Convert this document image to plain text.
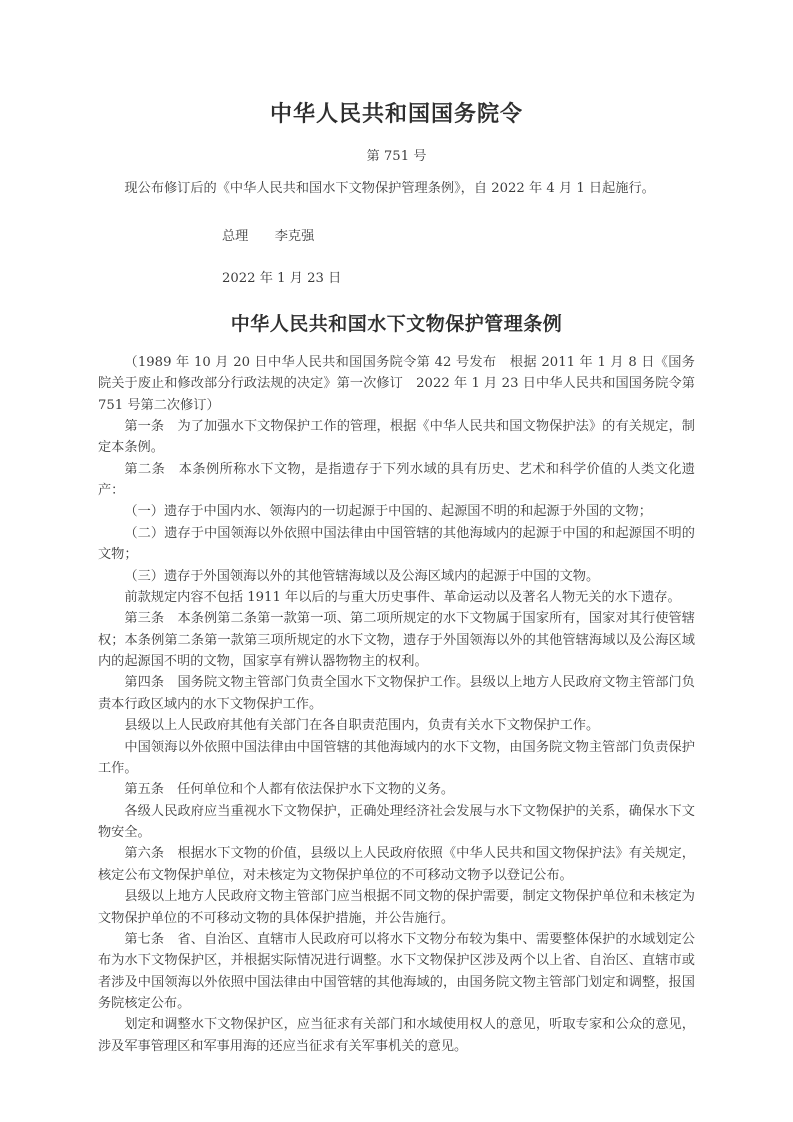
中华人民共和国国务院令

第 751 号

现公布修订后的《中华人民共和国水下文物保护管理条例》，自 2022 年 4 月 1 日起施行。

总理　　李克强

2022 年 1 月 23 日

中华人民共和国水下文物保护管理条例

（1989 年 10 月 20 日中华人民共和国国务院令第 42 号发布　根据 2011 年 1 月 8 日《国务院关于废止和修改部分行政法规的决定》第一次修订　2022 年 1 月 23 日中华人民共和国国务院令第 751 号第二次修订）

第一条　为了加强水下文物保护工作的管理，根据《中华人民共和国文物保护法》的有关规定，制定本条例。

第二条　本条例所称水下文物，是指遗存于下列水域的具有历史、艺术和科学价值的人类文化遗产：

（一）遗存于中国内水、领海内的一切起源于中国的、起源国不明的和起源于外国的文物；

（二）遗存于中国领海以外依照中国法律由中国管辖的其他海域内的起源于中国的和起源国不明的文物；

（三）遗存于外国领海以外的其他管辖海域以及公海区域内的起源于中国的文物。

前款规定内容不包括 1911 年以后的与重大历史事件、革命运动以及著名人物无关的水下遗存。

第三条　本条例第二条第一款第一项、第二项所规定的水下文物属于国家所有，国家对其行使管辖权；本条例第二条第一款第三项所规定的水下文物，遗存于外国领海以外的其他管辖海域以及公海区域内的起源国不明的文物，国家享有辨认器物物主的权利。

第四条　国务院文物主管部门负责全国水下文物保护工作。县级以上地方人民政府文物主管部门负责本行政区域内的水下文物保护工作。

县级以上人民政府其他有关部门在各自职责范围内，负责有关水下文物保护工作。

中国领海以外依照中国法律由中国管辖的其他海域内的水下文物，由国务院文物主管部门负责保护工作。

第五条　任何单位和个人都有依法保护水下文物的义务。

各级人民政府应当重视水下文物保护，正确处理经济社会发展与水下文物保护的关系，确保水下文物安全。

第六条　根据水下文物的价值，县级以上人民政府依照《中华人民共和国文物保护法》有关规定，核定公布文物保护单位，对未核定为文物保护单位的不可移动文物予以登记公布。

县级以上地方人民政府文物主管部门应当根据不同文物的保护需要，制定文物保护单位和未核定为文物保护单位的不可移动文物的具体保护措施，并公告施行。

第七条　省、自治区、直辖市人民政府可以将水下文物分布较为集中、需要整体保护的水域划定公布为水下文物保护区，并根据实际情况进行调整。水下文物保护区涉及两个以上省、自治区、直辖市或者涉及中国领海以外依照中国法律由中国管辖的其他海域的，由国务院文物主管部门划定和调整，报国务院核定公布。

划定和调整水下文物保护区，应当征求有关部门和水域使用权人的意见，听取专家和公众的意见，涉及军事管理区和军事用海的还应当征求有关军事机关的意见。
